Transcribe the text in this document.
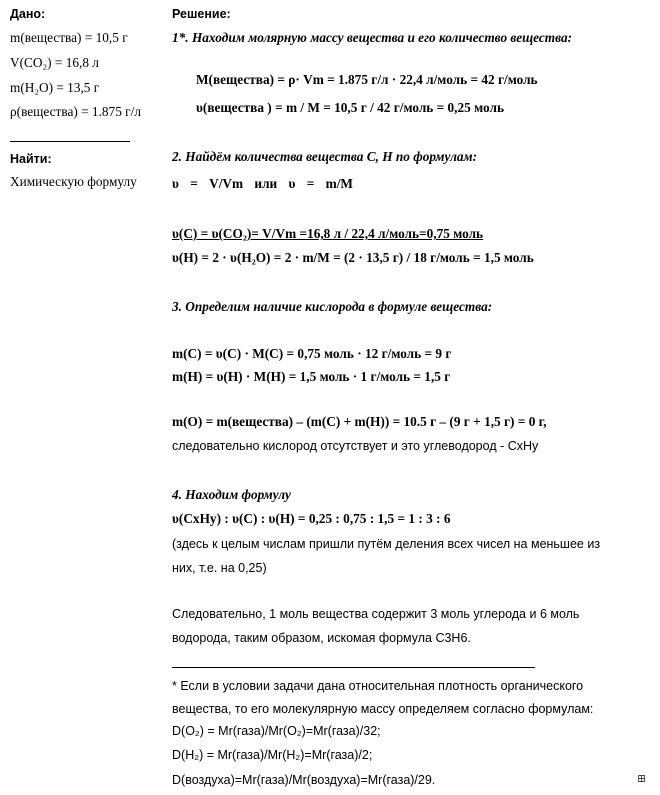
Дано:
m(вещества) = 10,5 г
V(CO₂) = 16,8 л
m(H₂O) = 13,5 г
ρ(вещества) = 1.875 г/л
Найти:
Химическую формулу
Решение:
1*. Находим молярную массу вещества и его количество вещества:
M(вещества) = ρ· Vm = 1.875 г/л · 22,4 л/моль = 42 г/моль
υ(вещества ) = m / M = 10,5 г / 42 г/моль = 0,25 моль
2. Найдём количества вещества С, Н по формулам:
υ = V/Vm или υ = m/M
υ(C) = υ(CO₂)= V/Vm =16,8 л / 22,4 л/моль=0,75 моль
υ(H) = 2 · υ(H₂O) = 2 · m/M = (2 · 13,5 г) / 18 г/моль = 1,5 моль
3. Определим наличие кислорода в формуле вещества:
m(C) = υ(C) · M(C) = 0,75 моль · 12 г/моль = 9 г
m(H) = υ(H) · M(H) = 1,5 моль · 1 г/моль = 1,5 г
m(O) = m(вещества) – (m(C) + m(H)) = 10.5 г – (9 г + 1,5 г) = 0 г,
следовательно кислород отсутствует и это углеводород - CxHy
4. Находим формулу
υ(CxHy) : υ(C) : υ(H) = 0,25 : 0,75 : 1,5 = 1 : 3 : 6
(здесь к целым числам пришли путём деления всех чисел на меньшее из
них, т.е. на 0,25)
Следовательно, 1 моль вещества содержит 3 моль углерода и 6 моль
водорода, таким образом, искомая формула C3H6.
* Если в условии задачи дана относительная плотность органического
вещества, то его молекулярную массу определяем согласно формулам:
D(O₂) = Mr(газа)/Mr(O₂)=Mr(газа)/32;
D(H₂) = Mr(газа)/Mr(H₂)=Mr(газа)/2;
D(воздуха)=Mr(газа)/Mr(воздуха)=Mr(газа)/29.	⊞
